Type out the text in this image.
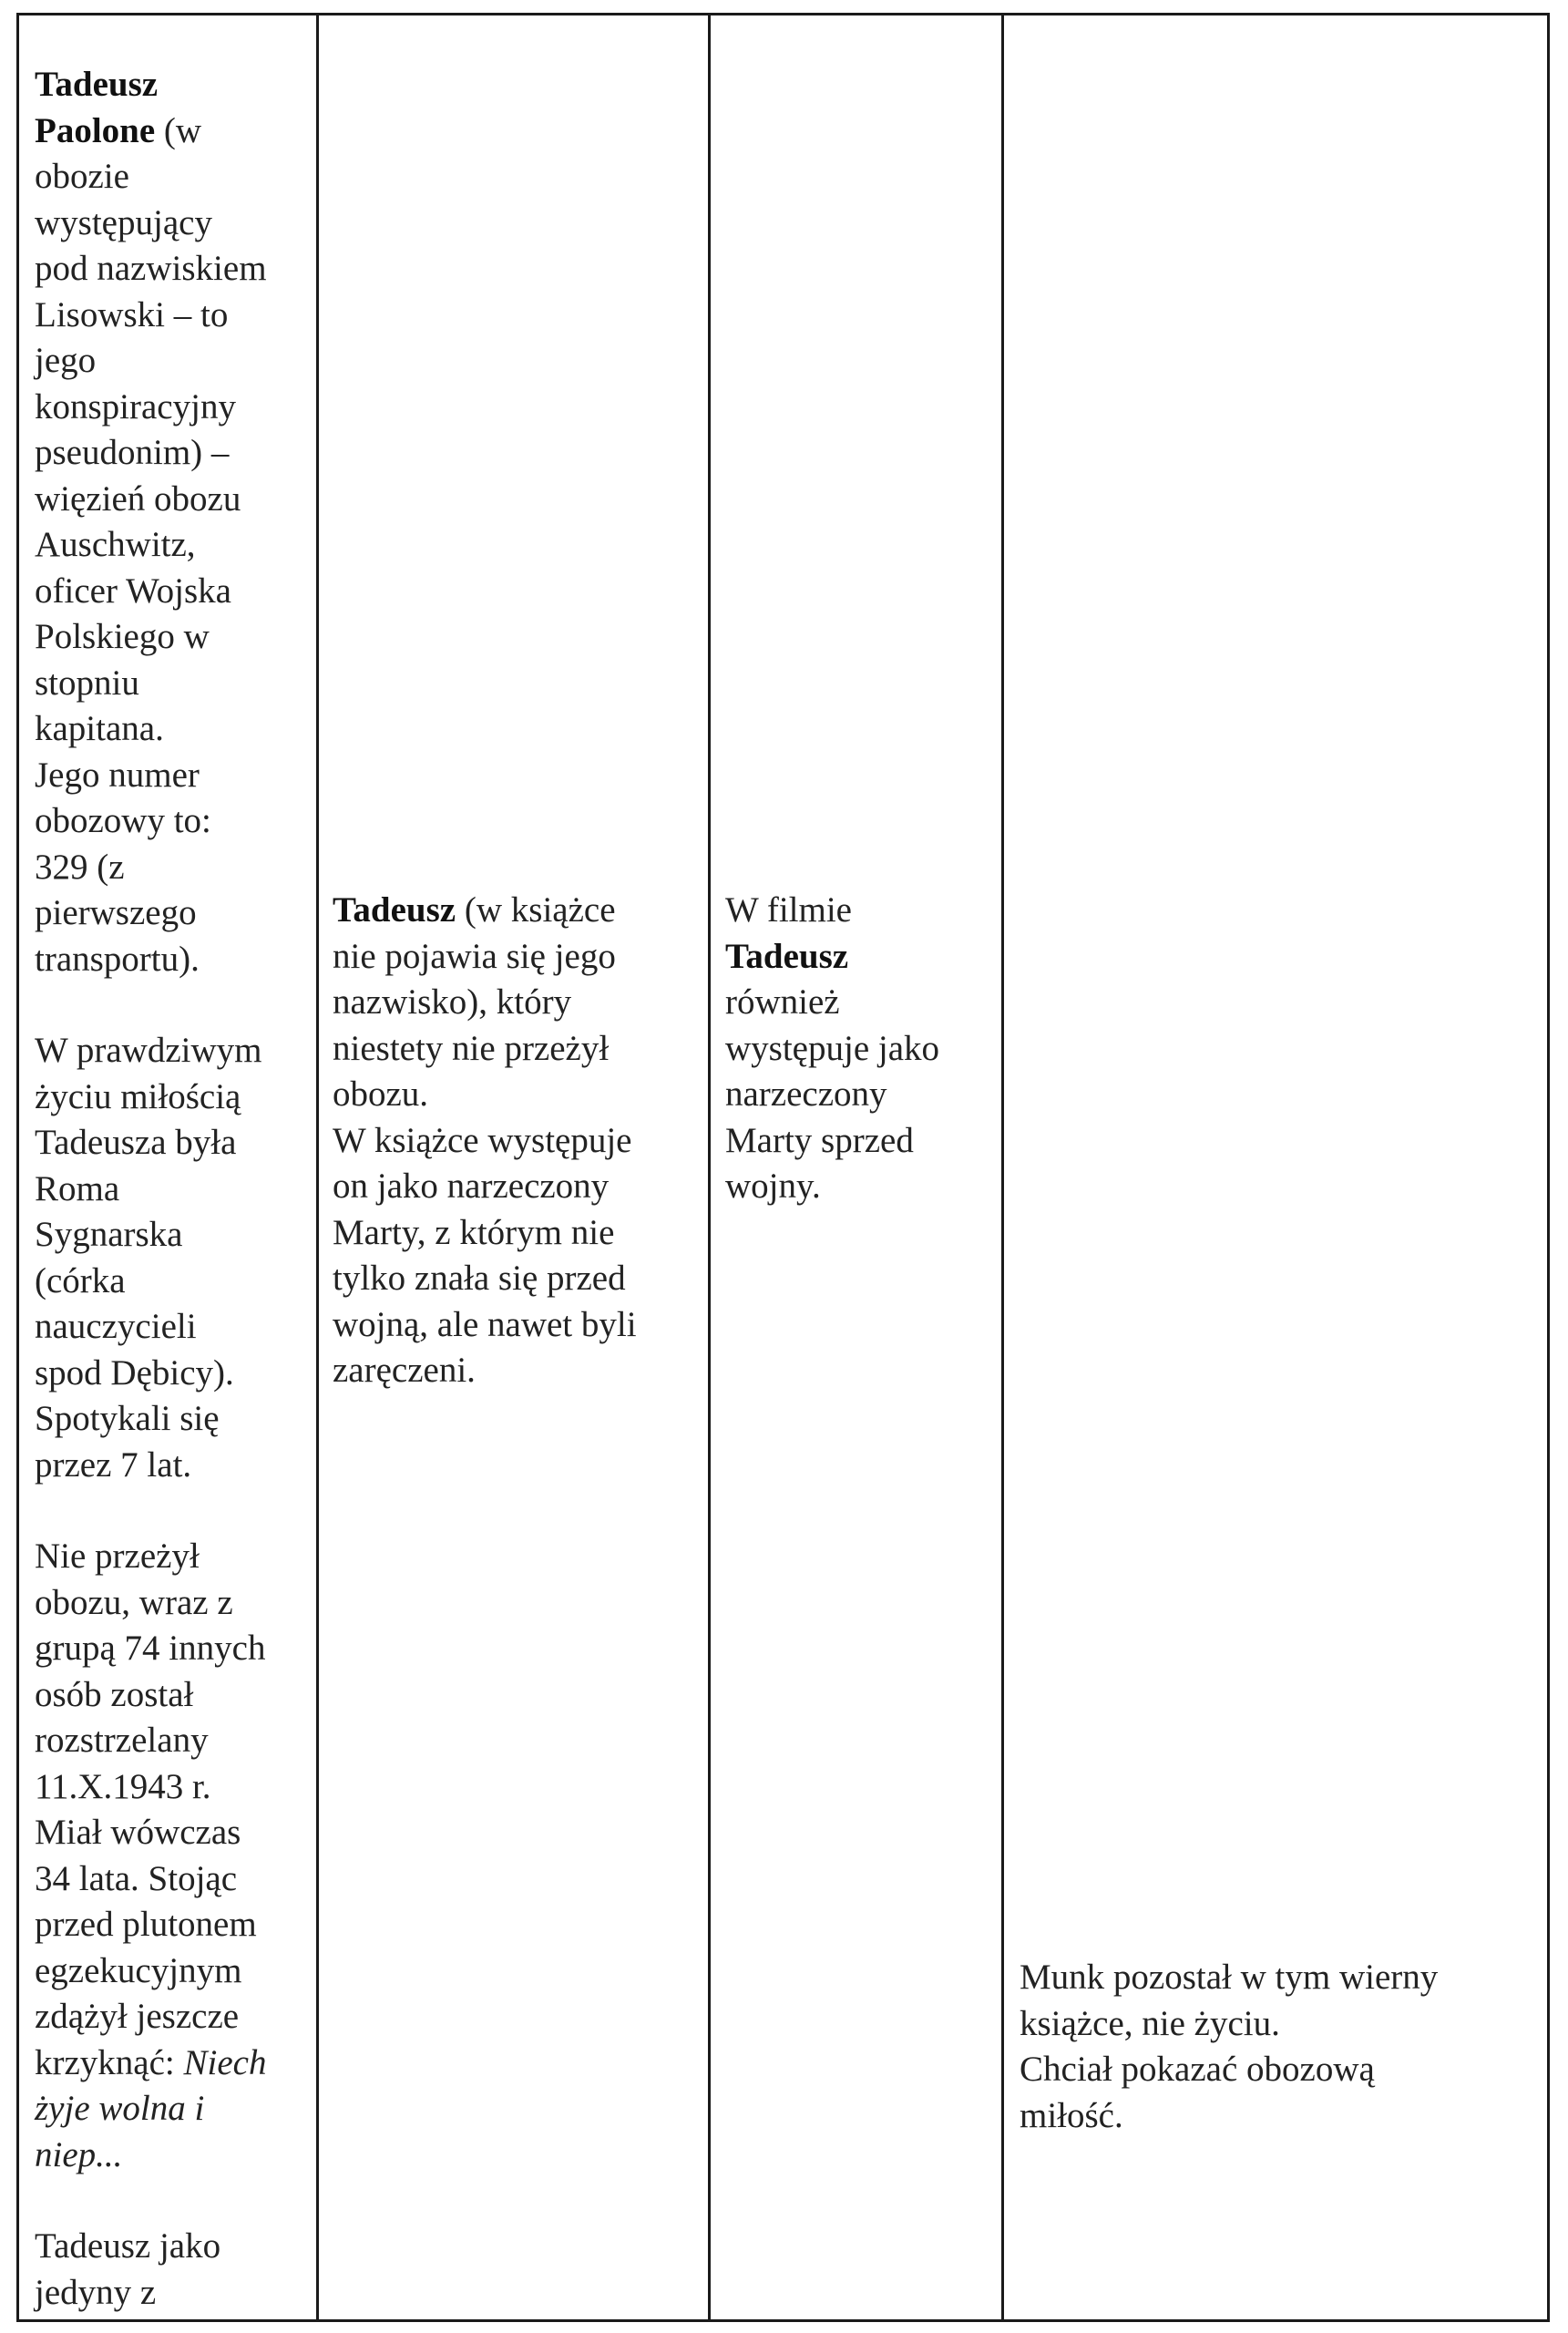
Tadeusz
Paolone (w
obozie
występujący
pod nazwiskiem
Lisowski – to
jego
konspiracyjny
pseudonim) –
więzień obozu
Auschwitz,
oficer Wojska
Polskiego w
stopniu
kapitana.
Jego numer
obozowy to:
329 (z
pierwszego
transportu).

W prawdziwym
życiu miłością
Tadeusza była
Roma
Sygnarska
(córka
nauczycieli
spod Dębicy).
Spotykali się
przez 7 lat.

Nie przeżył
obozu, wraz z
grupą 74 innych
osób został
rozstrzelany
11.X.1943 r.
Miał wówczas
34 lata. Stojąc
przed plutonem
egzekucyjnym
zdążył jeszcze
krzyknąć: Niech
żyje wolna i
niep...

Tadeusz jako
jedyny z

Tadeusz (w książce
nie pojawia się jego
nazwisko), który
niestety nie przeżył
obozu.
W książce występuje
on jako narzeczony
Marty, z którym nie
tylko znała się przed
wojną, ale nawet byli
zaręczeni.

W filmie
Tadeusz
również
występuje jako
narzeczony
Marty sprzed
wojny.

Munk pozostał w tym wierny
książce, nie życiu.
Chciał pokazać obozową
miłość.
